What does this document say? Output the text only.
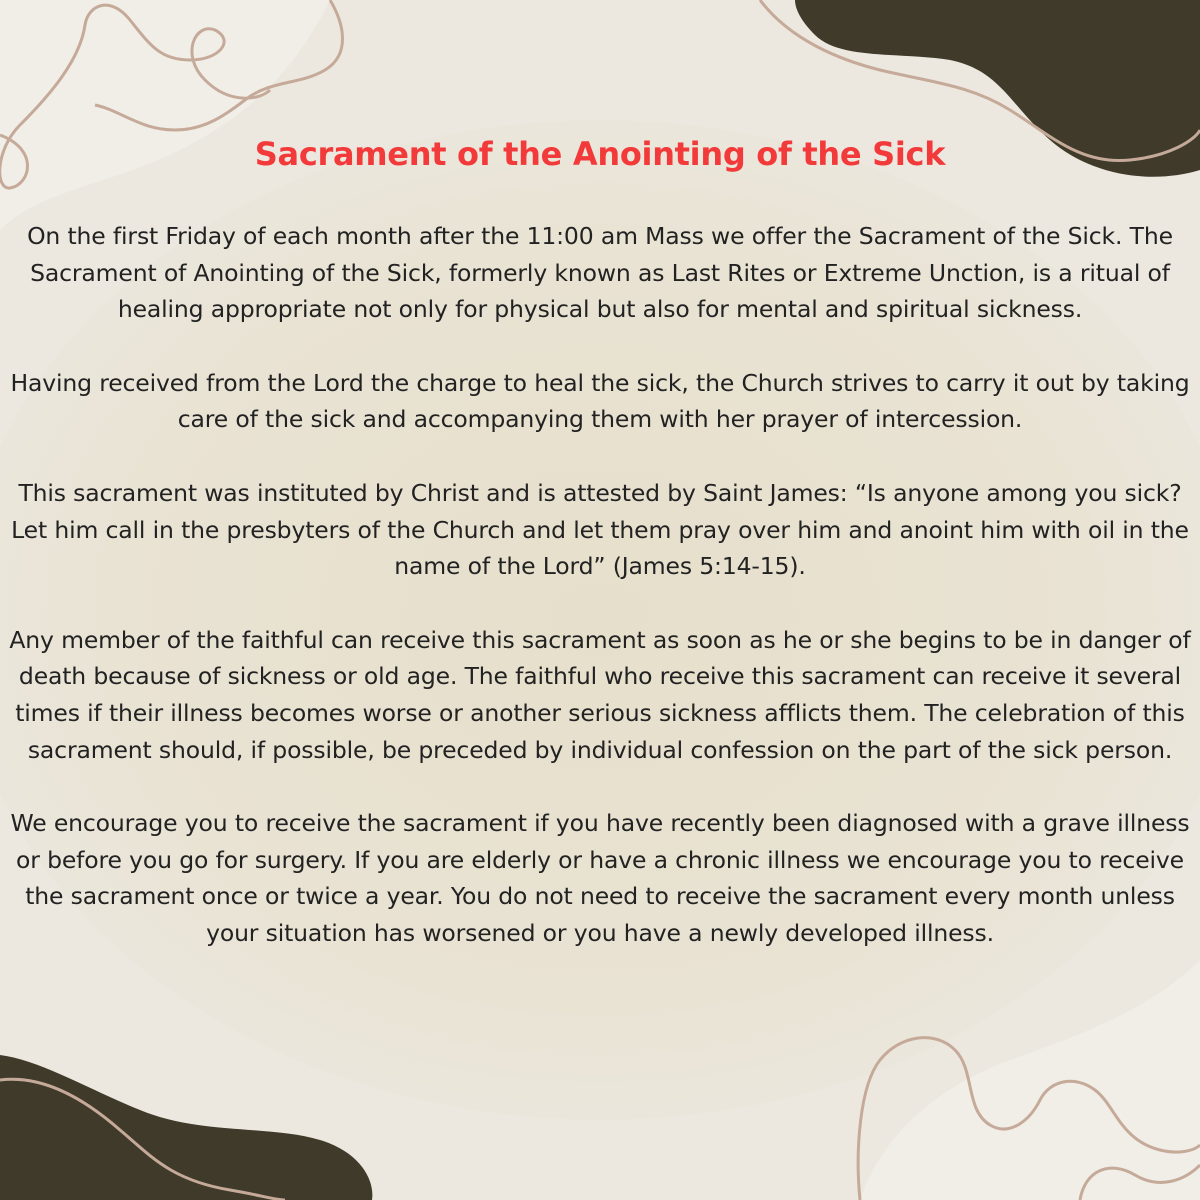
Sacrament of the Anointing of the Sick

On the first Friday of each month after the 11:00 am Mass we offer the Sacrament of the Sick. The Sacrament of Anointing of the Sick, formerly known as Last Rites or Extreme Unction, is a ritual of healing appropriate not only for physical but also for mental and spiritual sickness.

Having received from the Lord the charge to heal the sick, the Church strives to carry it out by taking care of the sick and accompanying them with her prayer of intercession.

This sacrament was instituted by Christ and is attested by Saint James: “Is anyone among you sick? Let him call in the presbyters of the Church and let them pray over him and anoint him with oil in the name of the Lord” (James 5:14-15).

Any member of the faithful can receive this sacrament as soon as he or she begins to be in danger of death because of sickness or old age. The faithful who receive this sacrament can receive it several times if their illness becomes worse or another serious sickness afflicts them. The celebration of this sacrament should, if possible, be preceded by individual confession on the part of the sick person.

We encourage you to receive the sacrament if you have recently been diagnosed with a grave illness or before you go for surgery. If you are elderly or have a chronic illness we encourage you to receive the sacrament once or twice a year. You do not need to receive the sacrament every month unless your situation has worsened or you have a newly developed illness.
